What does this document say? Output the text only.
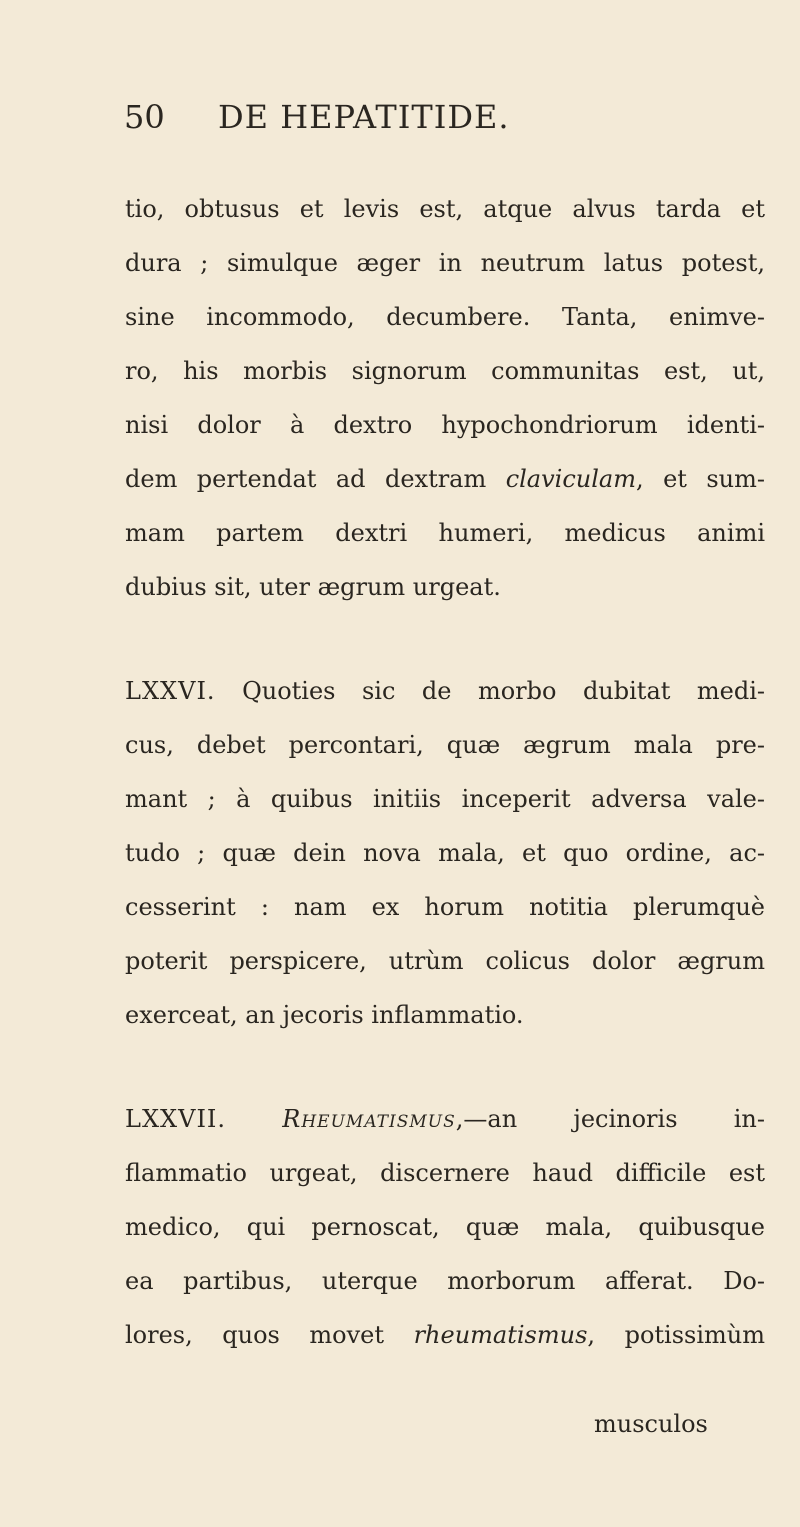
50 DE HEPATITIDE.
tio, obtusus et levis est, atque alvus tarda et
dura ; simulque æger in neutrum latus potest,
sine incommodo, decumbere. Tanta, enimve-
ro, his morbis signorum communitas est, ut,
nisi dolor à dextro hypochondriorum identi-
dem pertendat ad dextram claviculam, et sum-
mam partem dextri humeri, medicus animi
dubius sit, uter ægrum urgeat.
LXXVI. Quoties sic de morbo dubitat medi-
cus, debet percontari, quæ ægrum mala pre-
mant ; à quibus initiis inceperit adversa vale-
tudo ; quæ dein nova mala, et quo ordine, ac-
cesserint : nam ex horum notitia plerumquè
poterit perspicere, utrùm colicus dolor ægrum
exerceat, an jecoris inflammatio.
LXXVII. Rheumatismus,—an jecinoris in-
flammatio urgeat, discernere haud difficile est
medico, qui pernoscat, quæ mala, quibusque
ea partibus, uterque morborum afferat. Do-
lores, quos movet rheumatismus, potissimùm
musculos
